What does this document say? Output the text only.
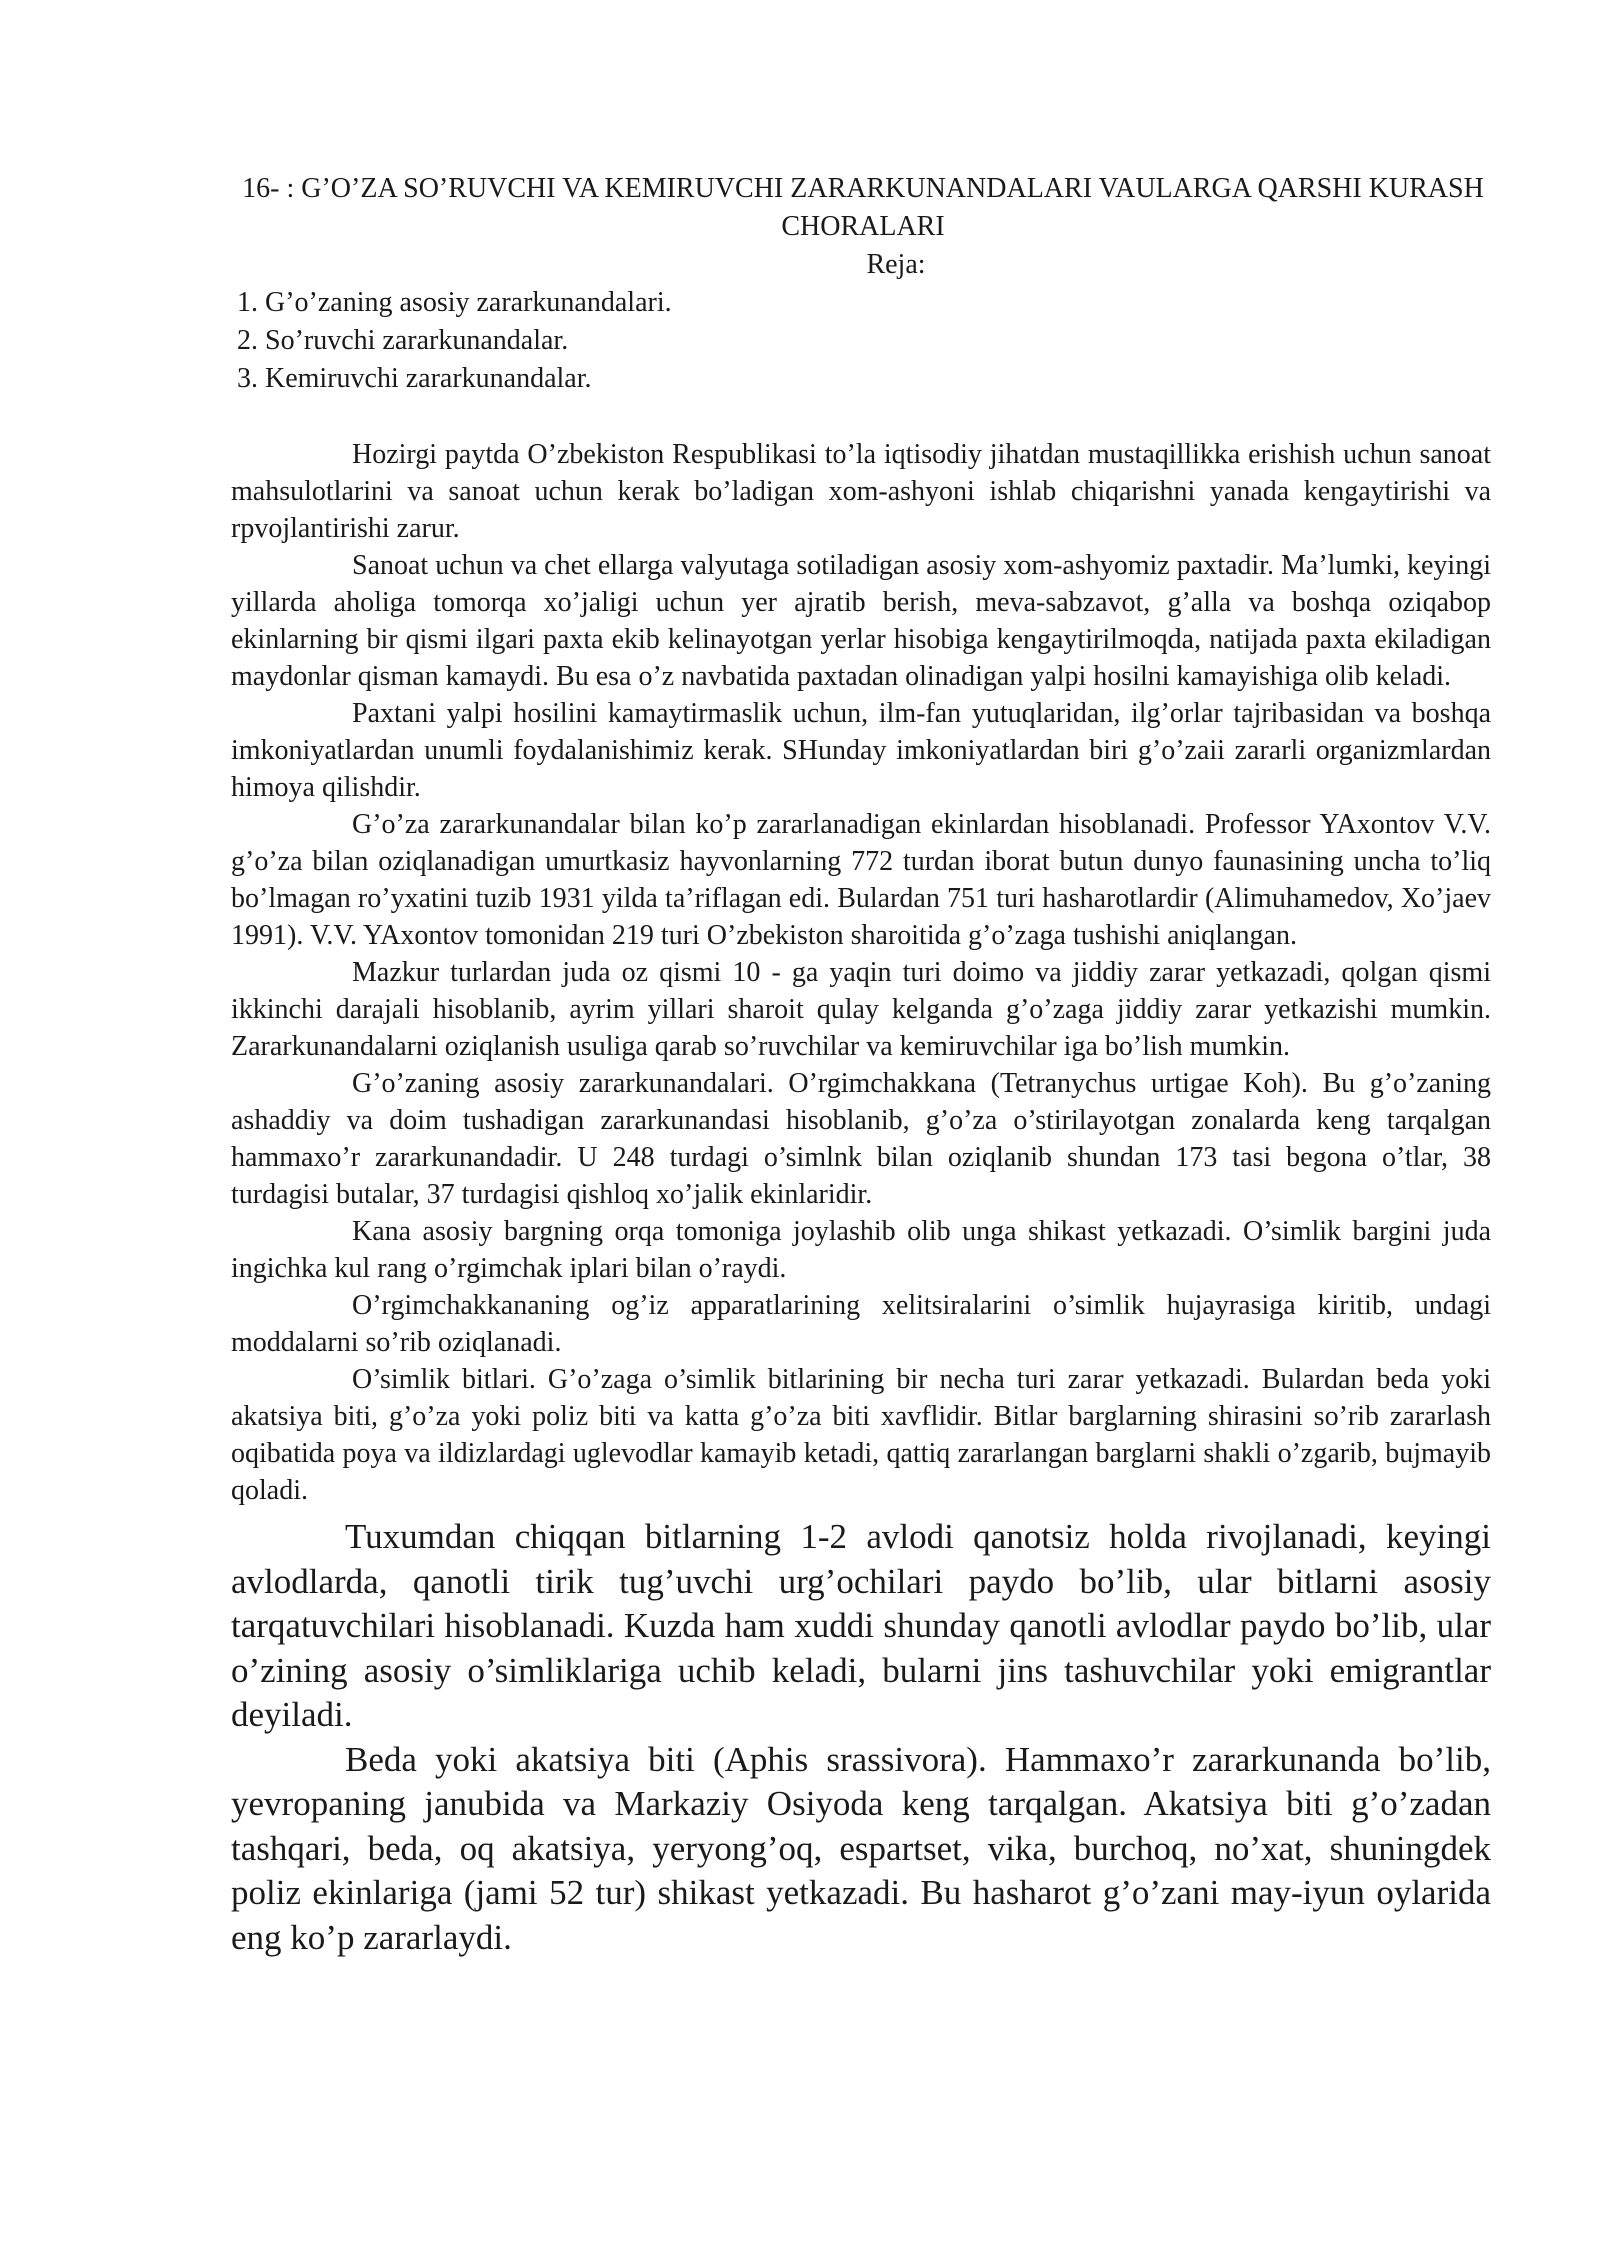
16- : G’O’ZA SO’RUVCHI VA KEMIRUVCHI ZARARKUNANDALARI VAULARGA QARSHI KURASH CHORALARI
Reja:
1. G’o’zaning asosiy zararkunandalari.
2. So’ruvchi zararkunandalar.
3. Kemiruvchi zararkunandalar.

Hozirgi paytda O’zbekiston Respublikasi to’la iqtisodiy jihatdan mustaqillikka erishish uchun sanoat mahsulotlarini va sanoat uchun kerak bo’ladigan xom-ashyoni ishlab chiqarishni yanada kengaytirishi va rpvojlantirishi zarur.

Sanoat uchun va chet ellarga valyutaga sotiladigan asosiy xom-ashyomiz paxtadir. Ma’lumki, keyingi yillarda aholiga tomorqa xo’jaligi uchun yer ajratib berish, meva-sabzavot, g’alla va boshqa oziqabop ekinlarning bir qismi ilgari paxta ekib kelinayotgan yerlar hisobiga kengaytirilmoqda, natijada paxta ekiladigan maydonlar qisman kamaydi. Bu esa o’z navbatida paxtadan olinadigan yalpi hosilni kamayishiga olib keladi.

Paxtani yalpi hosilini kamaytirmaslik uchun, ilm-fan yutuqlaridan, ilg’orlar tajribasidan va boshqa imkoniyatlardan unumli foydalanishimiz kerak. SHunday imkoniyatlardan biri g’o’zaii zararli organizmlardan himoya qilishdir.

G’o’za zararkunandalar bilan ko’p zararlanadigan ekinlardan hisoblanadi. Professor YAxontov V.V. g’o’za bilan oziqlanadigan umurtkasiz hayvonlarning 772 turdan iborat butun dunyo faunasining uncha to’liq bo’lmagan ro’yxatini tuzib 1931 yilda ta’riflagan edi. Bulardan 751 turi hasharotlardir (Alimuhamedov, Xo’jaev 1991). V.V. YAxontov tomonidan 219 turi O’zbekiston sharoitida g’o’zaga tushishi aniqlangan.

Mazkur turlardan juda oz qismi 10 - ga yaqin turi doimo va jiddiy zarar yetkazadi, qolgan qismi ikkinchi darajali hisoblanib, ayrim yillari sharoit qulay kelganda g’o’zaga jiddiy zarar yetkazishi mumkin. Zararkunandalarni oziqlanish usuliga qarab so’ruvchilar va kemiruvchilar iga bo’lish mumkin.

G’o’zaning asosiy zararkunandalari. O’rgimchakkana (Tetranychus urtigae Koh). Bu g’o’zaning ashaddiy va doim tushadigan zararkunandasi hisoblanib, g’o’za o’stirilayotgan zonalarda keng tarqalgan hammaxo’r zararkunandadir. U 248 turdagi o’simlnk bilan oziqlanib shundan 173 tasi begona o’tlar, 38 turdagisi butalar, 37 turdagisi qishloq xo’jalik ekinlaridir.

Kana asosiy bargning orqa tomoniga joylashib olib unga shikast yetkazadi. O’simlik bargini juda ingichka kul rang o’rgimchak iplari bilan o’raydi.

O’rgimchakkananing og’iz apparatlarining xelitsiralarini o’simlik hujayrasiga kiritib, undagi moddalarni so’rib oziqlanadi.

O’simlik bitlari. G’o’zaga o’simlik bitlarining bir necha turi zarar yetkazadi. Bulardan beda yoki akatsiya biti, g’o’za yoki poliz biti va katta g’o’za biti xavflidir. Bitlar barglarning shirasini so’rib zararlash oqibatida poya va ildizlardagi uglevodlar kamayib ketadi, qattiq zararlangan barglarni shakli o’zgarib, bujmayib qoladi.

Tuxumdan chiqqan bitlarning 1-2 avlodi qanotsiz holda rivojlanadi, keyingi avlodlarda, qanotli tirik tug’uvchi urg’ochilari paydo bo’lib, ular bitlarni asosiy tarqatuvchilari hisoblanadi. Kuzda ham xuddi shunday qanotli avlodlar paydo bo’lib, ular o’zining asosiy o’simliklariga uchib keladi, bularni jins tashuvchilar yoki emigrantlar deyiladi.

Beda yoki akatsiya biti (Aphis srassivora). Hammaxo’r zararkunanda bo’lib, yevropaning janubida va Markaziy Osiyoda keng tarqalgan. Akatsiya biti g’o’zadan tashqari, beda, oq akatsiya, yeryong’oq, espartset, vika, burchoq, no’xat, shuningdek poliz ekinlariga (jami 52 tur) shikast yetkazadi. Bu hasharot g’o’zani may-iyun oylarida eng ko’p zararlaydi.
